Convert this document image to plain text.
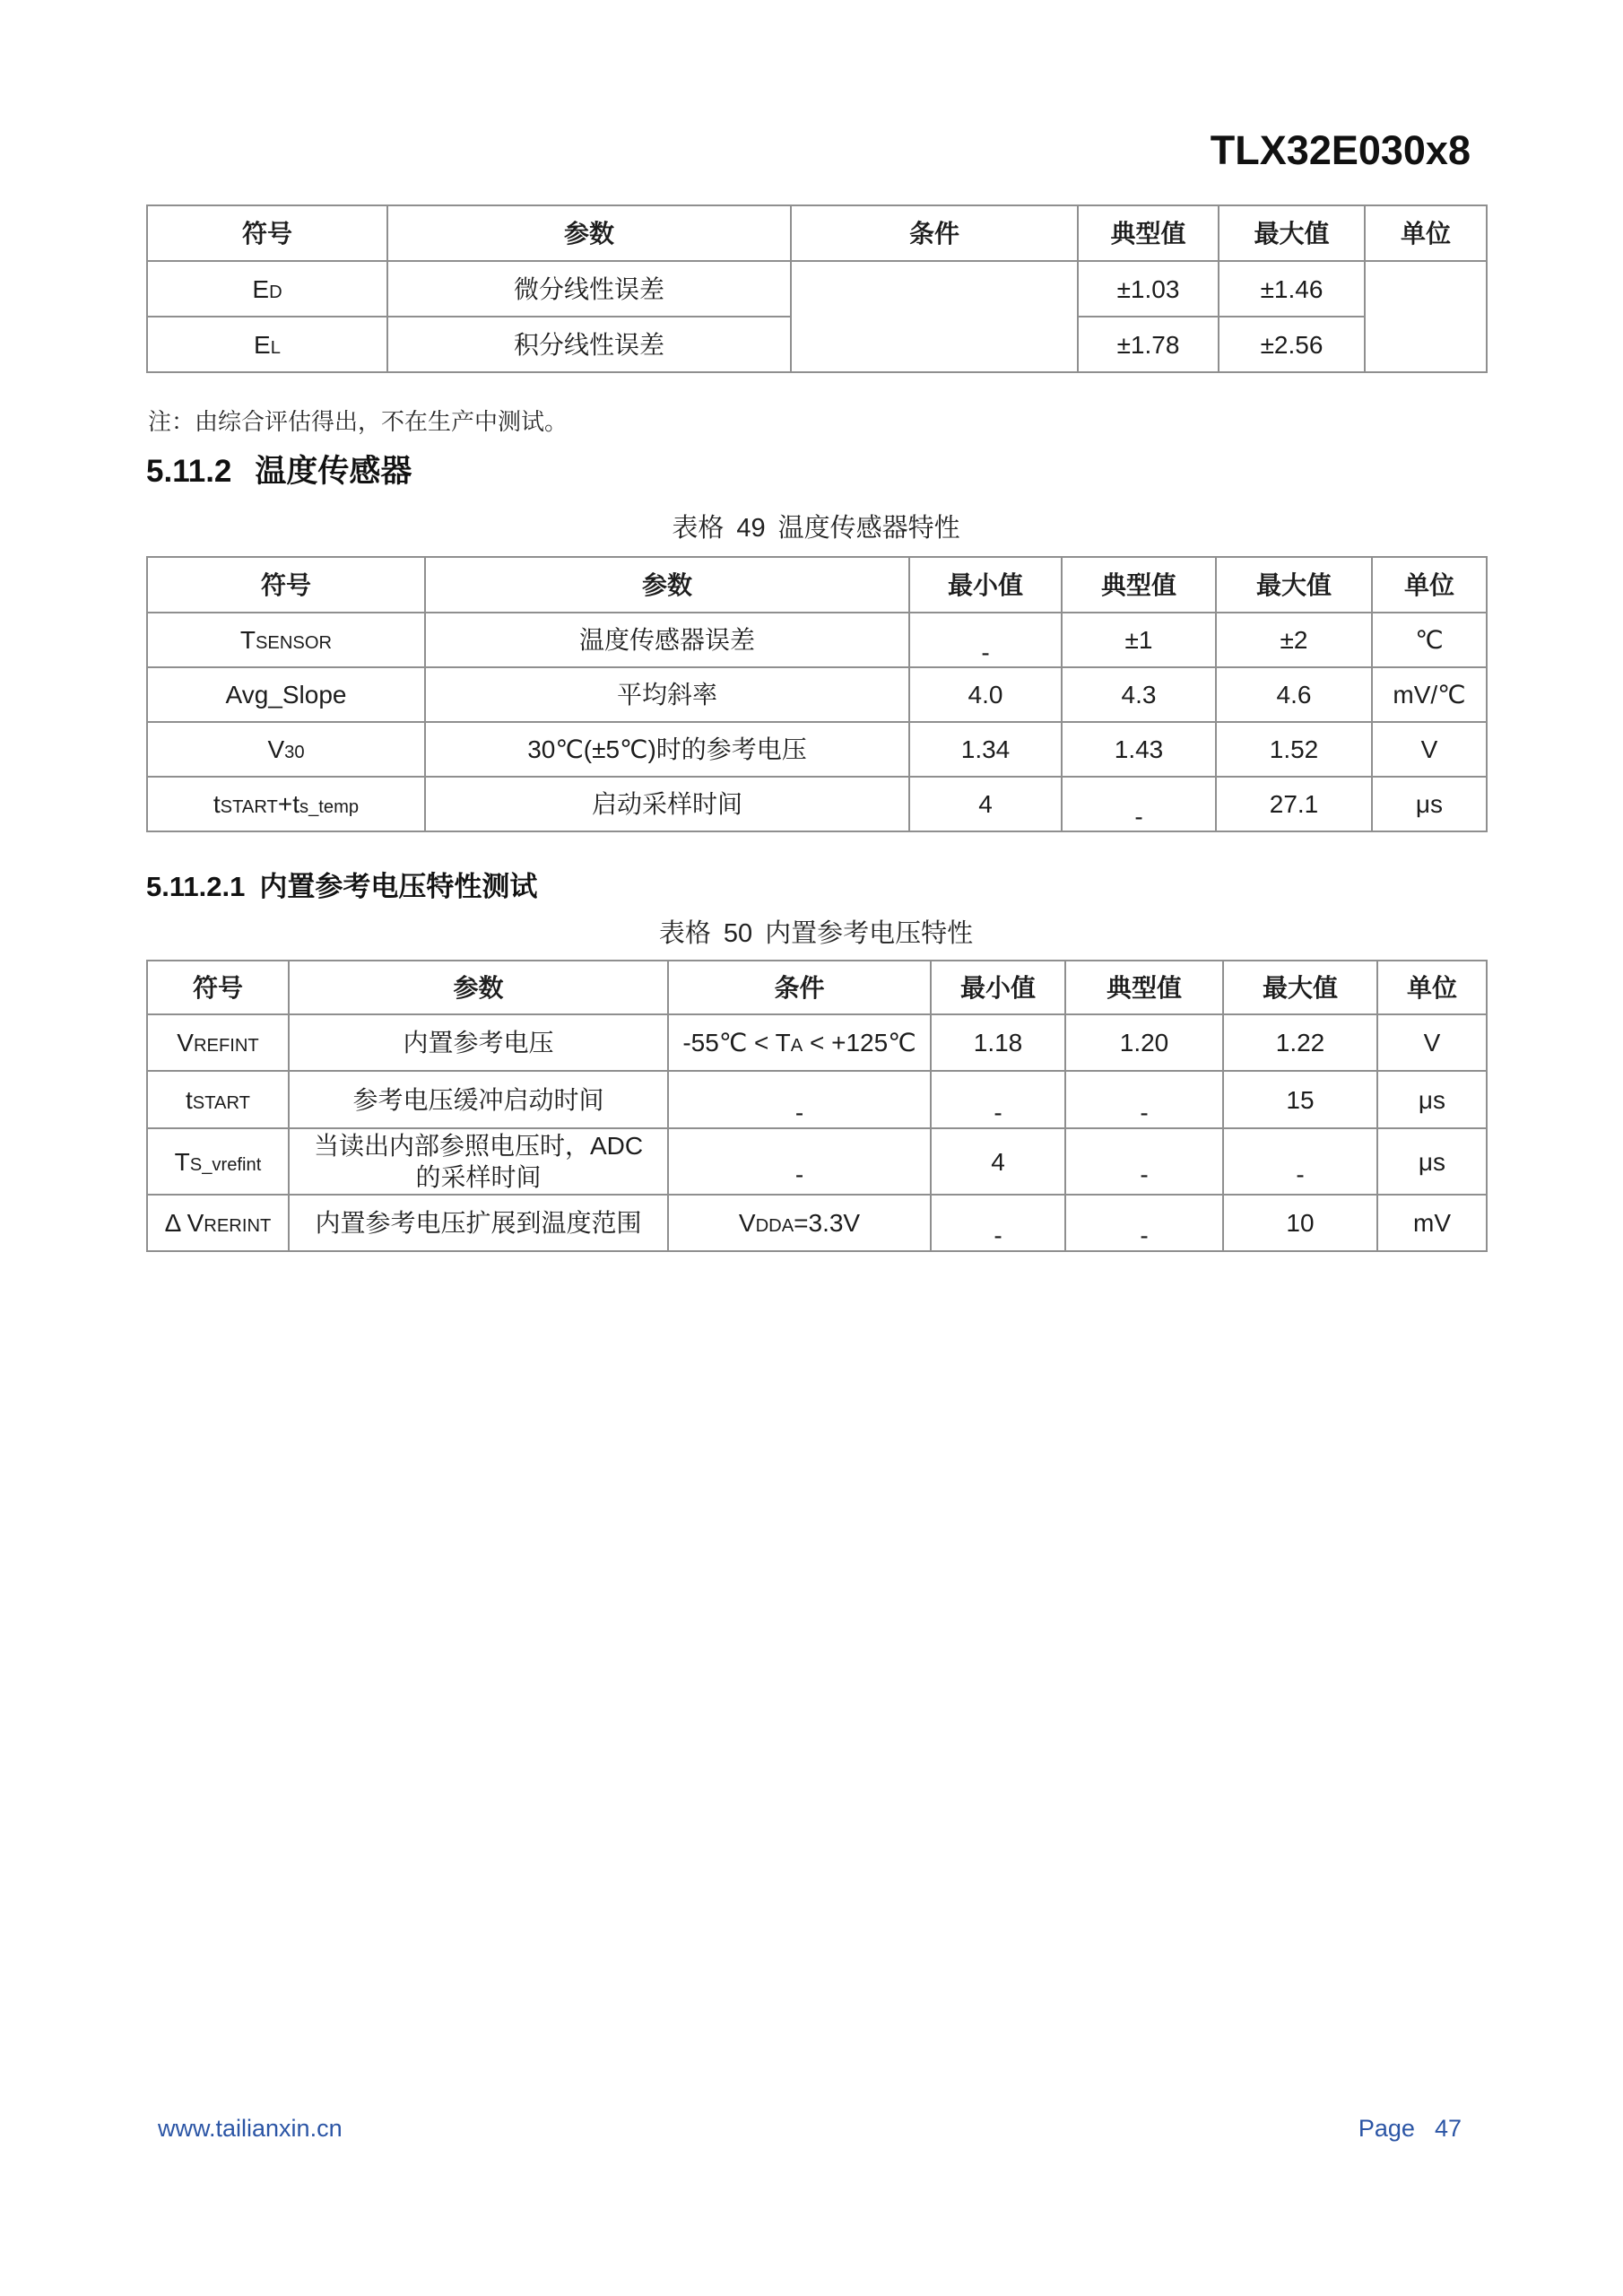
TLX32E030x8
符号	参数	条件	典型值	最大值	单位
ED	微分线性误差		±1.03	±1.46	
EL	积分线性误差		±1.78	±2.56	
注：由综合评估得出，不在生产中测试。
5.11.2 温度传感器
表格 49 温度传感器特性
符号	参数	最小值	典型值	最大值	单位
TSENSOR	温度传感器误差	-	±1	±2	℃
Avg_Slope	平均斜率	4.0	4.3	4.6	mV/℃
V30	30℃(±5℃)时的参考电压	1.34	1.43	1.52	V
tSTART+ts_temp	启动采样时间	4	-	27.1	μs
5.11.2.1 内置参考电压特性测试
表格 50 内置参考电压特性
符号	参数	条件	最小值	典型值	最大值	单位
VREFINT	内置参考电压	-55℃ < TA < +125℃	1.18	1.20	1.22	V
tSTART	参考电压缓冲启动时间	-	-	-	15	μs
TS_vrefint	当读出内部参照电压时，ADC
的采样时间	-	4	-	-	μs
Δ VRERINT	内置参考电压扩展到温度范围	VDDA=3.3V	-	-	10	mV
www.tailianxin.cn	Page 47
